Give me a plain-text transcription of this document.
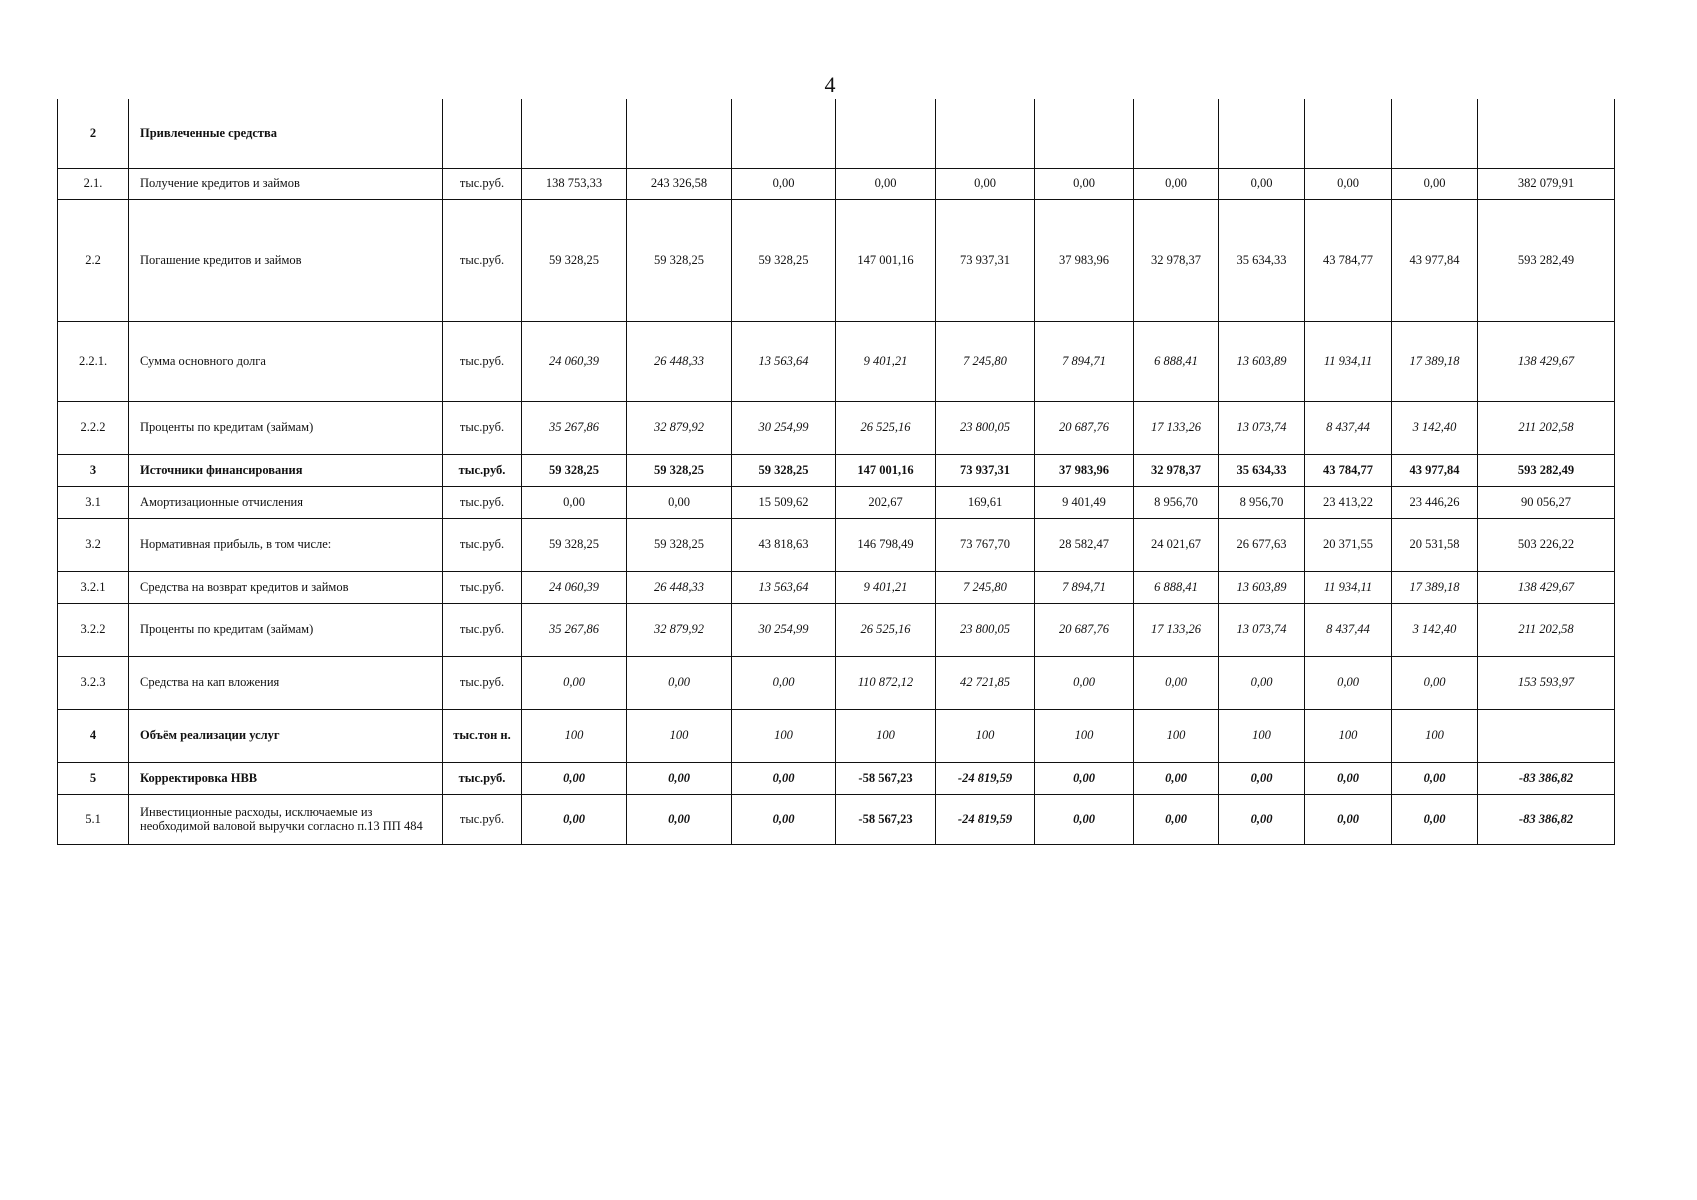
4
2	Привлеченные средства												
2.1.	Получение кредитов и займов	тыс.руб.	138 753,33	243 326,58	0,00	0,00	0,00	0,00	0,00	0,00	0,00	0,00	382 079,91
2.2	Погашение кредитов и займов	тыс.руб.	59 328,25	59 328,25	59 328,25	147 001,16	73 937,31	37 983,96	32 978,37	35 634,33	43 784,77	43 977,84	593 282,49
2.2.1.	Сумма основного долга	тыс.руб.	24 060,39	26 448,33	13 563,64	9 401,21	7 245,80	7 894,71	6 888,41	13 603,89	11 934,11	17 389,18	138 429,67
2.2.2	Проценты по кредитам (займам)	тыс.руб.	35 267,86	32 879,92	30 254,99	26 525,16	23 800,05	20 687,76	17 133,26	13 073,74	8 437,44	3 142,40	211 202,58
3	Источники финансирования	тыс.руб.	59 328,25	59 328,25	59 328,25	147 001,16	73 937,31	37 983,96	32 978,37	35 634,33	43 784,77	43 977,84	593 282,49
3.1	Амортизационные отчисления	тыс.руб.	0,00	0,00	15 509,62	202,67	169,61	9 401,49	8 956,70	8 956,70	23 413,22	23 446,26	90 056,27
3.2	Нормативная прибыль, в том числе:	тыс.руб.	59 328,25	59 328,25	43 818,63	146 798,49	73 767,70	28 582,47	24 021,67	26 677,63	20 371,55	20 531,58	503 226,22
3.2.1	Средства на возврат кредитов и займов	тыс.руб.	24 060,39	26 448,33	13 563,64	9 401,21	7 245,80	7 894,71	6 888,41	13 603,89	11 934,11	17 389,18	138 429,67
3.2.2	Проценты по кредитам (займам)	тыс.руб.	35 267,86	32 879,92	30 254,99	26 525,16	23 800,05	20 687,76	17 133,26	13 073,74	8 437,44	3 142,40	211 202,58
3.2.3	Средства на кап вложения	тыс.руб.	0,00	0,00	0,00	110 872,12	42 721,85	0,00	0,00	0,00	0,00	0,00	153 593,97
4	Объём реализации услуг	тыс.тон н.	100	100	100	100	100	100	100	100	100	100	
5	Корректировка НВВ	тыс.руб.	0,00	0,00	0,00	-58 567,23	-24 819,59	0,00	0,00	0,00	0,00	0,00	-83 386,82
5.1	Инвестиционные расходы, исключаемые из необходимой валовой выручки согласно п.13 ПП 484	тыс.руб.	0,00	0,00	0,00	-58 567,23	-24 819,59	0,00	0,00	0,00	0,00	0,00	-83 386,82
